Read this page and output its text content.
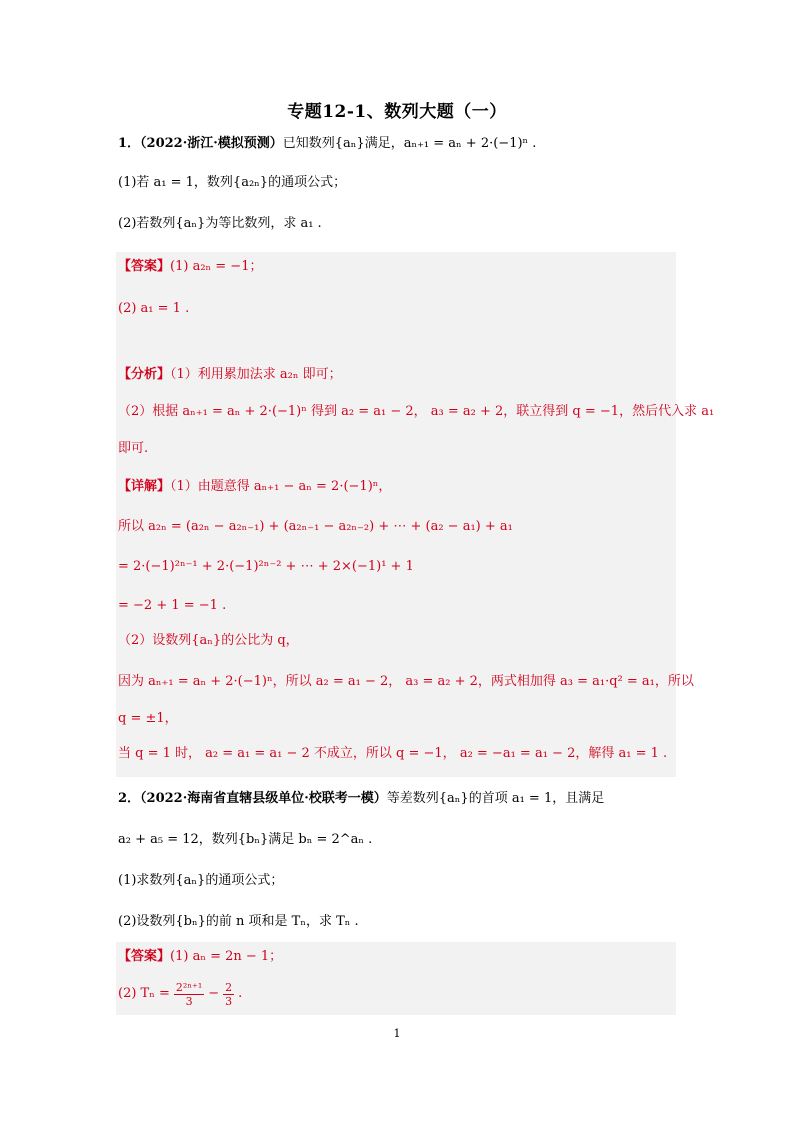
专题12-1、数列大题（一）
1．（2022·浙江·模拟预测）已知数列{aₙ}满足，aₙ₊₁ = aₙ + 2·(−1)ⁿ .
(1)若 a₁ = 1，数列{a₂ₙ}的通项公式；
(2)若数列{aₙ}为等比数列，求 a₁ .
【答案】(1) a₂ₙ = −1；
(2) a₁ = 1 .
【分析】（1）利用累加法求 a₂ₙ 即可；
（2）根据 aₙ₊₁ = aₙ + 2·(−1)ⁿ 得到 a₂ = a₁ − 2， a₃ = a₂ + 2，联立得到 q = −1，然后代入求 a₁
即可.
【详解】（1）由题意得 aₙ₊₁ − aₙ = 2·(−1)ⁿ，
所以 a₂ₙ = (a₂ₙ − a₂ₙ₋₁) + (a₂ₙ₋₁ − a₂ₙ₋₂) + ⋯ + (a₂ − a₁) + a₁
= 2·(−1)²ⁿ⁻¹ + 2·(−1)²ⁿ⁻² + ⋯ + 2×(−1)¹ + 1
= −2 + 1 = −1 .
（2）设数列{aₙ}的公比为 q，
因为 aₙ₊₁ = aₙ + 2·(−1)ⁿ，所以 a₂ = a₁ − 2， a₃ = a₂ + 2，两式相加得 a₃ = a₁·q² = a₁，所以
q = ±1，
当 q = 1 时， a₂ = a₁ = a₁ − 2 不成立，所以 q = −1， a₂ = −a₁ = a₁ − 2，解得 a₁ = 1 .
2．（2022·海南省直辖县级单位·校联考一模）等差数列{aₙ}的首项 a₁ = 1，且满足
a₂ + a₅ = 12，数列{bₙ}满足 bₙ = 2^aₙ .
(1)求数列{aₙ}的通项公式；
(2)设数列{bₙ}的前 n 项和是 Tₙ，求 Tₙ .
【答案】(1) aₙ = 2n − 1；
(2) $T_n = \frac{\text{2²ⁿ⁺¹}}{3} - \frac{2}{3}$ .
1
